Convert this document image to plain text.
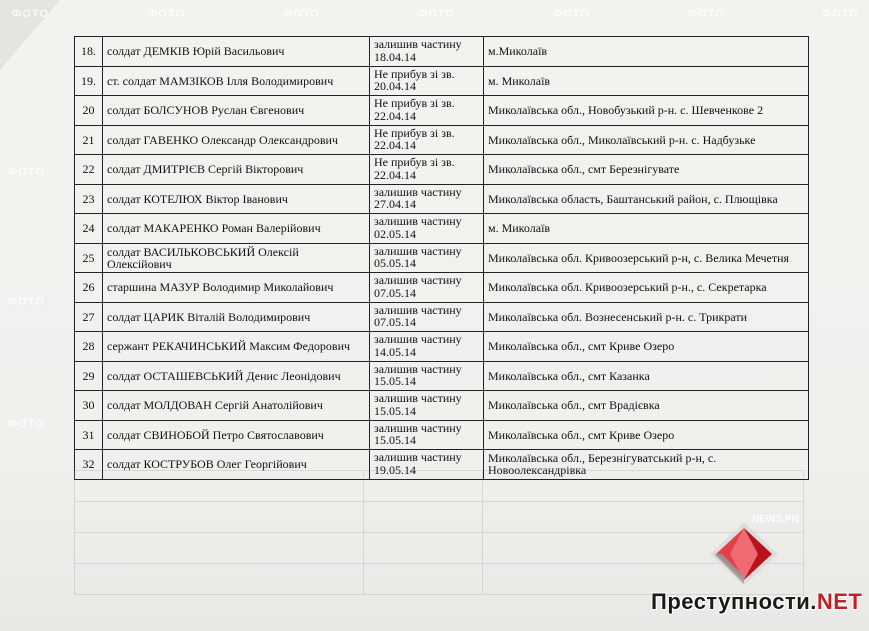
ФОТО	ФОТО	ФОТО	ФОТО	ФОТО	ФОТО	ФОТО
ФОТО
ФОТО
ФОТО
18.	солдат ДЕМКІВ Юрій Васильович	залишив частину
18.04.14	м.Миколаїв
19.	ст. солдат МАМЗІКОВ Ілля Володимирович	Не прибув зі зв.
20.04.14	м. Миколаїв
20	солдат БОЛСУНОВ Руслан Євгенович	Не прибув зі зв.
22.04.14	Миколаївська обл., Новобузький р-н. с. Шевченкове 2
21	солдат ГАВЕНКО Олександр Олександрович	Не прибув зі зв.
22.04.14	Миколаївська обл., Миколаївський р-н. с. Надбузьке
22	солдат ДМИТРІЄВ Сергій Вікторович	Не прибув зі зв.
22.04.14	Миколаївська обл., смт Березнігувате
23	солдат КОТЕЛЮХ Віктор Іванович	залишив частину
27.04.14	Миколаївська область, Баштанський район, с. Плющівка
24	солдат МАКАРЕНКО Роман Валерійович	залишив частину
02.05.14	м. Миколаїв
25	солдат ВАСИЛЬКОВСЬКИЙ Олексій Олексійович	залишив частину
05.05.14	Миколаївська обл. Кривоозерський р-н, с. Велика Мечетня
26	старшина МАЗУР Володимир Миколайович	залишив частину
07.05.14	Миколаївська обл. Кривоозерський р-н., с. Секретарка
27	солдат ЦАРИК Віталій Володимирович	залишив частину
07.05.14	Миколаївська обл. Вознесенський р-н. с. Трикрати
28	сержант РЕКАЧИНСЬКИЙ Максим Федорович	залишив частину
14.05.14	Миколаївська обл., смт Криве Озеро
29	солдат ОСТАШЕВСЬКИЙ Денис Леонідович	залишив частину
15.05.14	Миколаївська обл., смт Казанка
30	солдат МОЛДОВАН Сергій Анатолійович	залишив частину
15.05.14	Миколаївська обл., смт Врадієвка
31	солдат СВИНОБОЙ Петро Святославович	залишив частину
15.05.14	Миколаївська обл., смт Криве Озеро
32	солдат КОСТРУБОВ Олег Георгійович	залишив частину
19.05.14	Миколаївська обл., Березнігуватський р-н, с. Новоолександрівка

NEWS.PN
Преступности.NET
